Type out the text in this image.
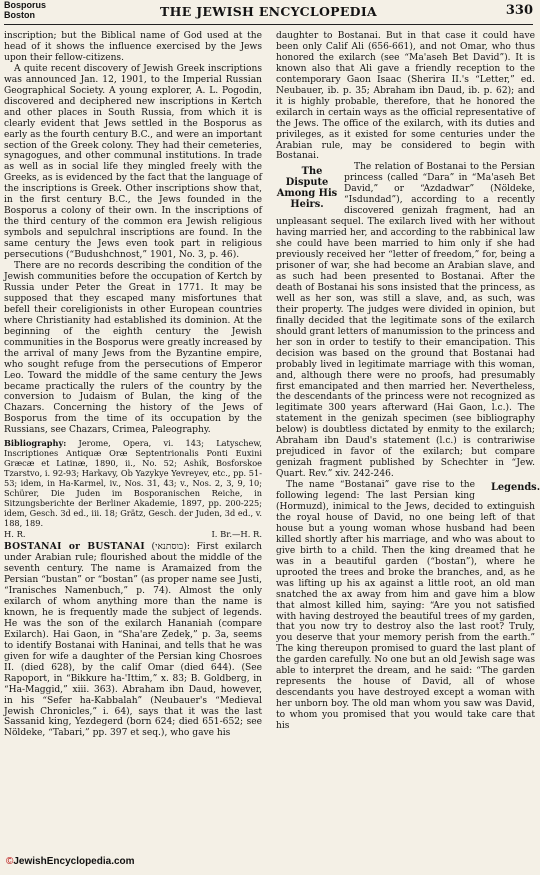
Bosporus
Boston	THE JEWISH ENCYCLOPEDIA	330

inscription; but the Biblical name of God used at the head of it shows the influence exercised by the Jews upon their fellow-citizens.

A quite recent discovery of Jewish Greek inscriptions was announced Jan. 12, 1901, to the Imperial Russian Geographical Society. A young explorer, A. L. Pogodin, discovered and deciphered new inscriptions in Kertch and other places in South Russia, from which it is clearly evident that Jews settled in the Bosporus as early as the fourth century B.C., and were an important section of the Greek colony. They had their cemeteries, synagogues, and other communal institutions. In trade as well as in social life they mingled freely with the Greeks, as is evidenced by the fact that the language of the inscriptions is Greek. Other inscriptions show that, in the first century B.C., the Jews founded in the Bosporus a colony of their own. In the inscriptions of the third century of the common era Jewish religious symbols and sepulchral inscriptions are found. In the same century the Jews even took part in religious persecutions (“Budushchnost,” 1901, No. 3, p. 46).

There are no records describing the condition of the Jewish communities before the occupation of Kertch by Russia under Peter the Great in 1771. It may be supposed that they escaped many misfortunes that befell their coreligionists in other European countries where Christianity had established its dominion. At the beginning of the eighth century the Jewish communities in the Bosporus were greatly increased by the arrival of many Jews from the Byzantine empire, who sought refuge from the persecutions of Emperor Leo. Toward the middle of the same century the Jews became practically the rulers of the country by the conversion to Judaism of Bulan, the king of the Chazars. Concerning the history of the Jews of Bosporus from the time of its occupation by the Russians, see Chazars, Crimea, Paleography.

Bibliography: Jerome, Opera, vi. 143; Latyschew, Inscriptiones Antiquæ Oræ Septentrionalis Ponti Euxini Græcæ et Latinæ, 1890, ii., No. 52; Ashik, Bosforskoe Tzarstvo, i. 92-93; Harkavy, Ob Yazykye Yevreyev, etc., pp. 51-53; idem, in Ha-Karmel, iv., Nos. 31, 43; v., Nos. 2, 3, 9, 10; Schürer, Die Juden im Bosporanischen Reiche, in Sitzungsberichte der Berliner Akademie, 1897, pp. 200-225; idem, Gesch. 3d ed., iii. 18; Grätz, Gesch. der Juden, 3d ed., v. 188, 189.
H. R.	I. Br.—H. R.

BOSTANAI or BUSTANAI (בוסתנאי): First exilarch under Arabian rule; flourished about the middle of the seventh century. The name is Aramaized from the Persian “bustan” or “bostan” (as proper name see Justi, “Iranisches Namenbuch,” p. 74). Almost the only exilarch of whom anything more than the name is known, he is frequently made the subject of legends. He was the son of the exilarch Hananiah (compare Exilarch). Hai Gaon, in “Sha'are Ẓedeḳ,” p. 3a, seems to identify Bostanai with Haninai, and tells that he was given for wife a daughter of the Persian king Chosroes II. (died 628), by the calif Omar (died 644). (See Rapoport, in “Bikkure ha-'Ittim,” x. 83; B. Goldberg, in “Ha-Maggid,” xiii. 363). Abraham ibn Daud, however, in his “Sefer ha-Kabbalah” (Neubauer's “Medieval Jewish Chronicles,” i. 64), says that it was the last Sassanid king, Yezdegerd (born 624; died 651-652; see Nöldeke, “Tabari,” pp. 397 et seq.), who gave his

daughter to Bostanai. But in that case it could have been only Calif Ali (656-661), and not Omar, who thus honored the exilarch (see “Ma'aseh Bet David”). It is known also that Ali gave a friendly reception to the contemporary Gaon Isaac (Sherira II.'s “Letter,” ed. Neubauer, ib. p. 35; Abraham ibn Daud, ib. p. 62); and it is highly probable, therefore, that he honored the exilarch in certain ways as the official representative of the Jews. The office of the exilarch, with its duties and privileges, as it existed for some centuries under the Arabian rule, may be considered to begin with Bostanai.

The Dispute Among His Heirs.
The relation of Bostanai to the Persian princess (called “Dara” in “Ma'aseh Bet David,” or “Azdadwar” (Nöldeke, “Isdundad”), according to a recently discovered genizah fragment, had an unpleasant sequel. The exilarch lived with her without having married her, and according to the rabbinical law she could have been married to him only if she had previously received her “letter of freedom,” for, being a prisoner of war, she had become an Arabian slave, and as such had been presented to Bostanai. After the death of Bostanai his sons insisted that the princess, as well as her son, was still a slave, and, as such, was their property. The judges were divided in opinion, but finally decided that the legitimate sons of the exilarch should grant letters of manumission to the princess and her son in order to testify to their emancipation. This decision was based on the ground that Bostanai had probably lived in legitimate marriage with this woman, and, although there were no proofs, had presumably first emancipated and then married her. Nevertheless, the descendants of the princess were not recognized as legitimate 300 years afterward (Hai Gaon, l.c.). The statement in the genizah specimen (see bibliography below) is doubtless dictated by enmity to the exilarch; Abraham ibn Daud's statement (l.c.) is contrariwise prejudiced in favor of the exilarch; but compare genizah fragment published by Schechter in “Jew. Quart. Rev.” xiv. 242-246.

Legends.
The name “Bostanai” gave rise to the following legend: The last Persian king (Hormuzd), inimical to the Jews, decided to extinguish the royal house of David, no one being left of that house but a young woman whose husband had been killed shortly after his marriage, and who was about to give birth to a child. Then the king dreamed that he was in a beautiful garden (“bostan”), where he uprooted the trees and broke the branches, and, as he was lifting up his ax against a little root, an old man snatched the ax away from him and gave him a blow that almost killed him, saying: “Are you not satisfied with having destroyed the beautiful trees of my garden, that you now try to destroy also the last root? Truly, you deserve that your memory perish from the earth.” The king thereupon promised to guard the last plant of the garden carefully. No one but an old Jewish sage was able to interpret the dream, and he said: “The garden represents the house of David, all of whose descendants you have destroyed except a woman with her unborn boy. The old man whom you saw was David, to whom you promised that you would take care that his

©JewishEncyclopedia.com
